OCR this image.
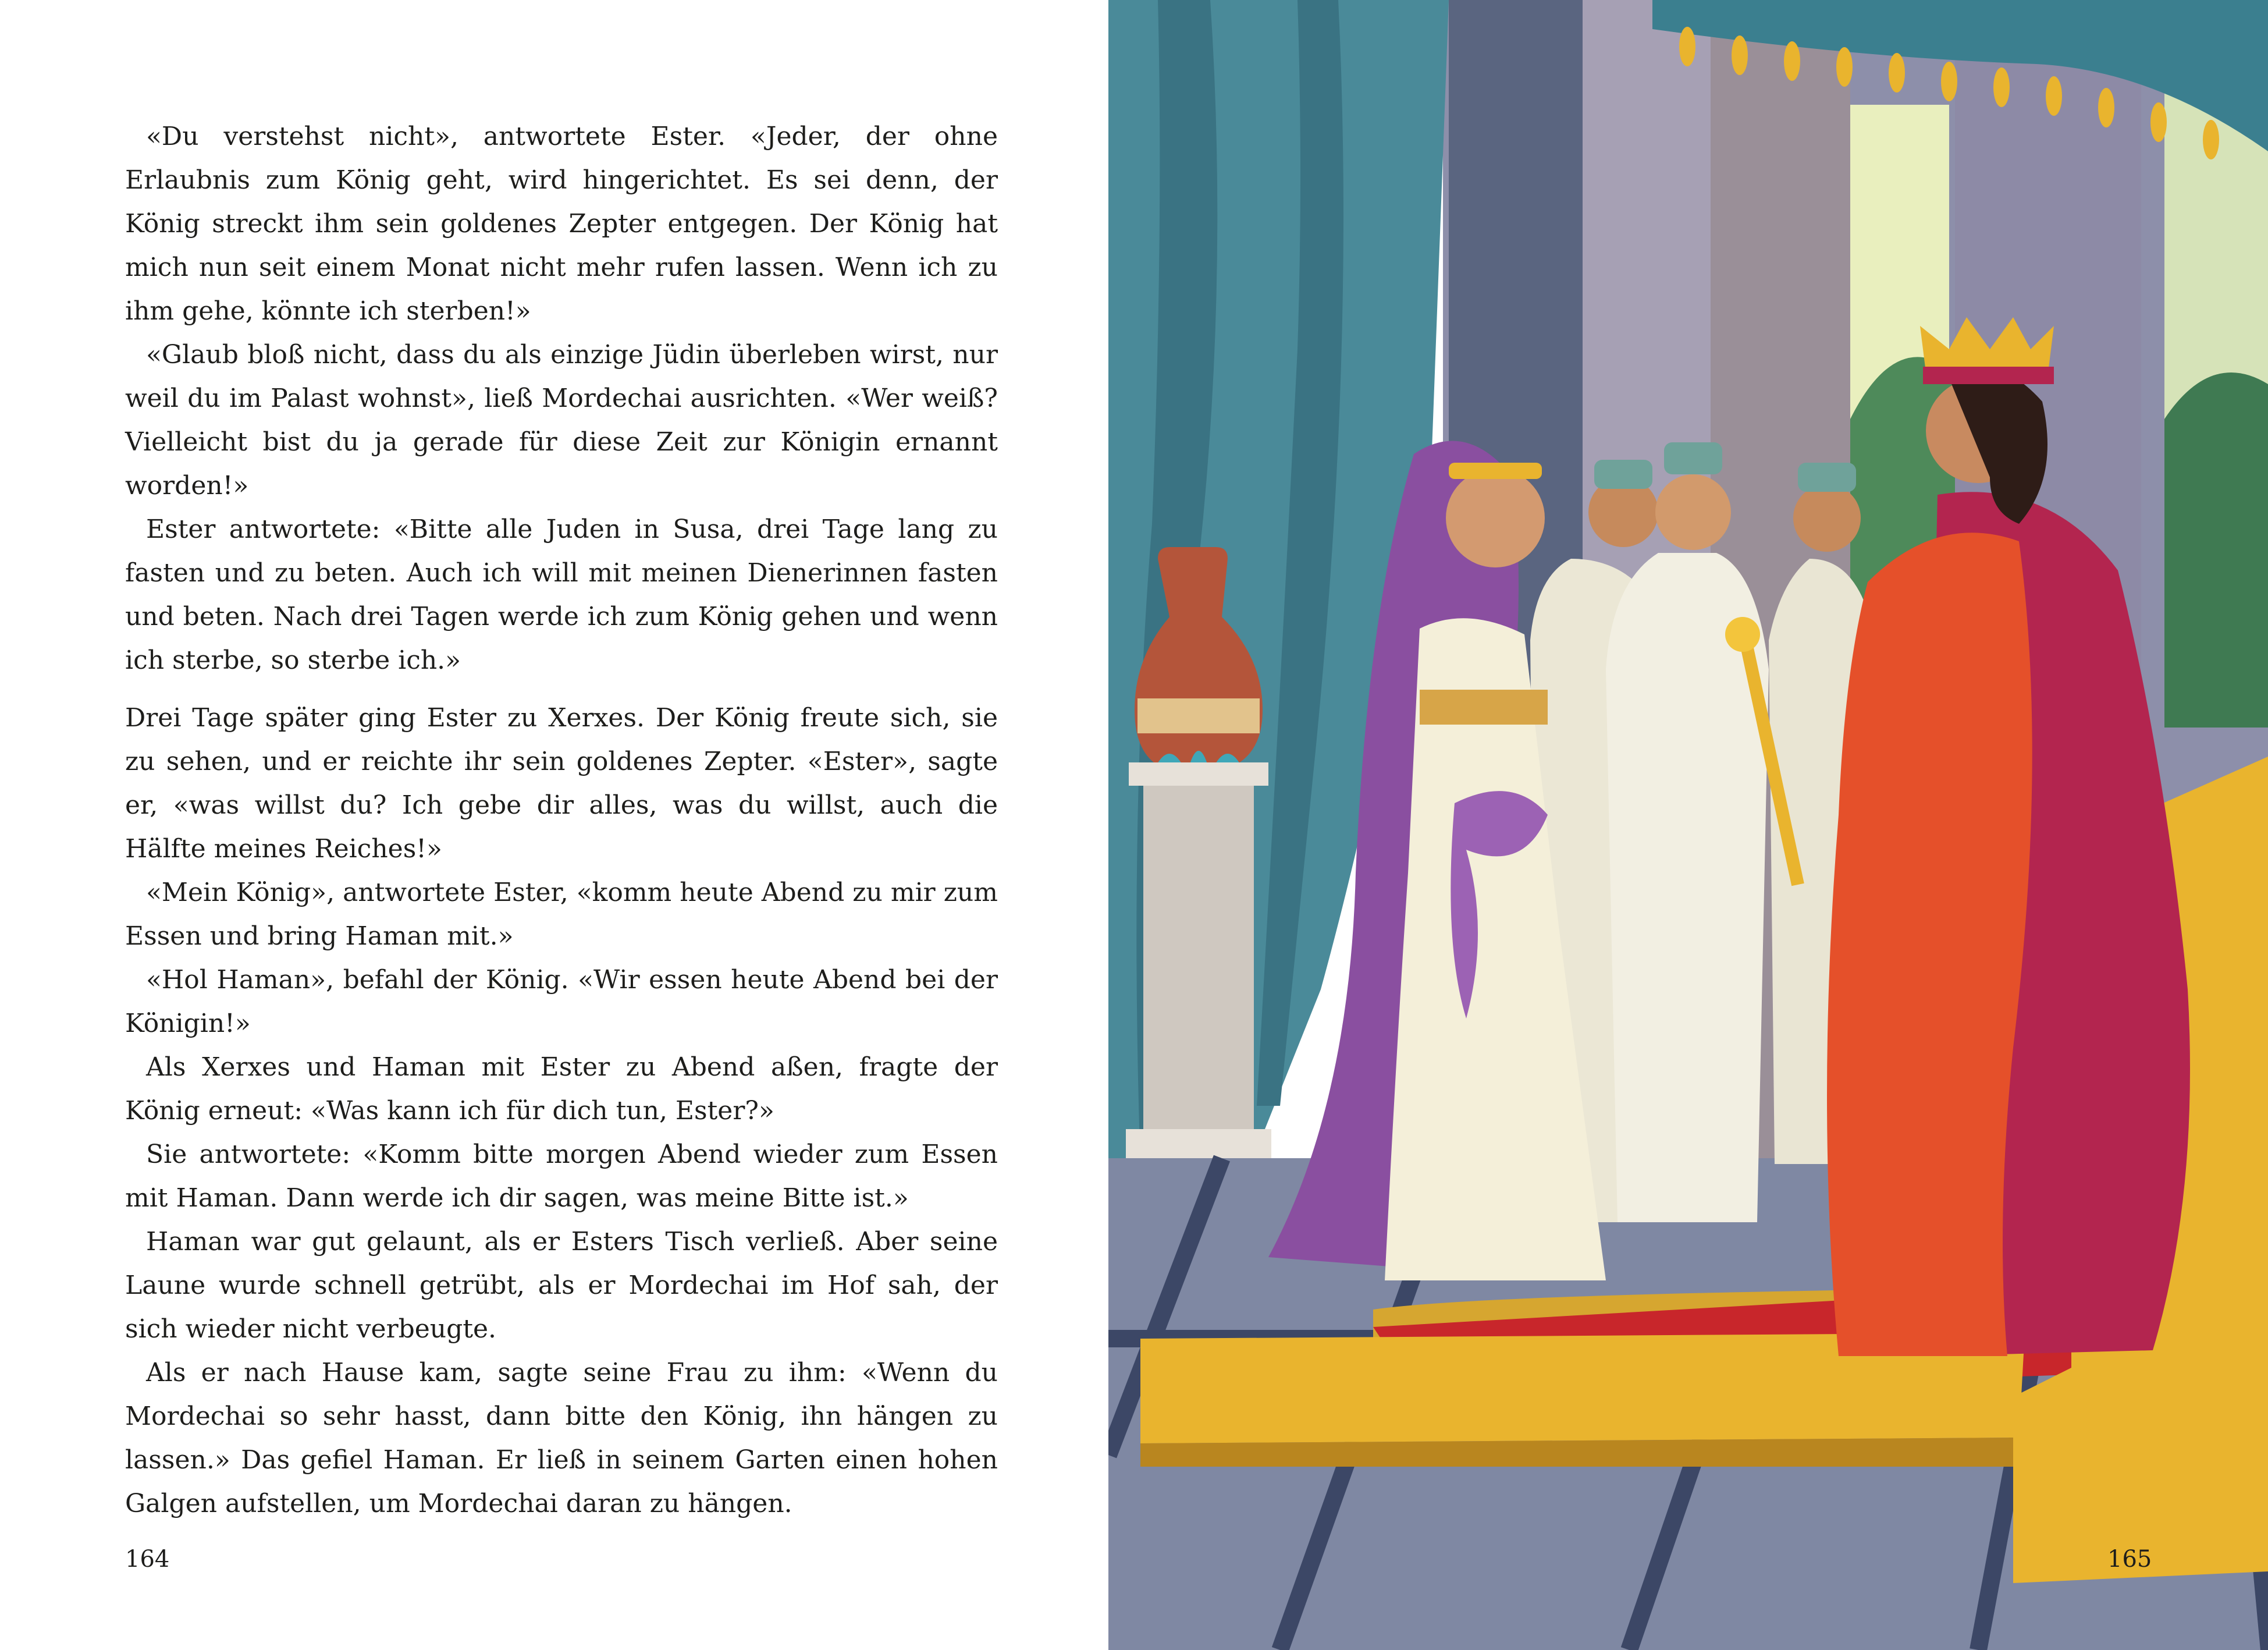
«Du verstehst nicht», antwortete Ester. «Jeder, der ohne Erlaubnis zum König geht, wird hingerichtet. Es sei denn, der König streckt ihm sein goldenes Zepter entgegen. Der König hat mich nun seit einem Monat nicht mehr rufen lassen. Wenn ich zu ihm gehe, könnte ich sterben!»

«Glaub bloß nicht, dass du als einzige Jüdin überleben wirst, nur weil du im Palast wohnst», ließ Mordechai ausrichten. «Wer weiß? Vielleicht bist du ja gerade für diese Zeit zur Königin ernannt worden!»

Ester antwortete: «Bitte alle Juden in Susa, drei Tage lang zu fasten und zu beten. Auch ich will mit meinen Dienerinnen fasten und beten. Nach drei Tagen werde ich zum König gehen und wenn ich sterbe, so sterbe ich.»

Drei Tage später ging Ester zu Xerxes. Der König freute sich, sie zu sehen, und er reichte ihr sein goldenes Zepter. «Ester», sagte er, «was willst du? Ich gebe dir alles, was du willst, auch die Hälfte meines Reiches!»

«Mein König», antwortete Ester, «komm heute Abend zu mir zum Essen und bring Haman mit.»

«Hol Haman», befahl der König. «Wir essen heute Abend bei der Königin!»

Als Xerxes und Haman mit Ester zu Abend aßen, fragte der König erneut: «Was kann ich für dich tun, Ester?»

Sie antwortete: «Komm bitte morgen Abend wieder zum Essen mit Haman. Dann werde ich dir sagen, was meine Bitte ist.»

Haman war gut gelaunt, als er Esters Tisch verließ. Aber seine Laune wurde schnell getrübt, als er Mordechai im Hof sah, der sich wieder nicht verbeugte.

Als er nach Hause kam, sagte seine Frau zu ihm: «Wenn du Mordechai so sehr hasst, dann bitte den König, ihn hängen zu lassen.» Das gefiel Haman. Er ließ in seinem Garten einen hohen Galgen aufstellen, um Mordechai daran zu hängen.

164	165
